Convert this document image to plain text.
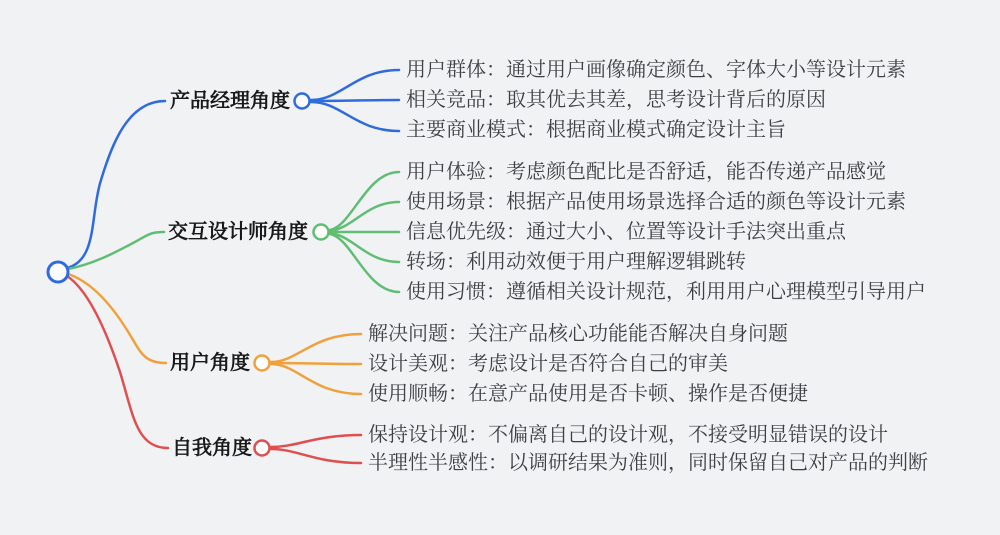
产品经理角度
交互设计师角度
用户角度
自我角度
用户群体：通过用户画像确定颜色、字体大小等设计元素
相关竞品：取其优去其差，思考设计背后的原因
主要商业模式：根据商业模式确定设计主旨
用户体验：考虑颜色配比是否舒适，能否传递产品感觉
使用场景：根据产品使用场景选择合适的颜色等设计元素
信息优先级：通过大小、位置等设计手法突出重点
转场：利用动效便于用户理解逻辑跳转
使用习惯：遵循相关设计规范，利用用户心理模型引导用户
解决问题：关注产品核心功能能否解决自身问题
设计美观：考虑设计是否符合自己的审美
使用顺畅：在意产品使用是否卡顿、操作是否便捷
保持设计观：不偏离自己的设计观，不接受明显错误的设计
半理性半感性：以调研结果为准则，同时保留自己对产品的判断
